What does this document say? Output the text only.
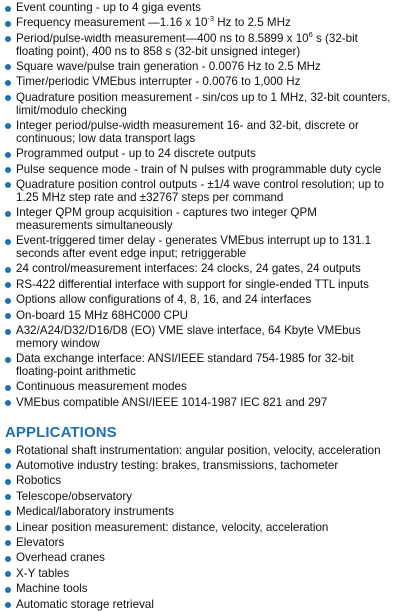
Event counting - up to 4 giga events
Frequency measurement —1.16 x $10^{-3}$ Hz to 2.5 MHz
Period/pulse-width measurement—400 ns to 8.5899 x $10^6$ s (32-bit floating point), 400 ns to 858 s (32-bit unsigned integer)
Square wave/pulse train generation - 0.0076 Hz to 2.5 MHz
Timer/periodic VMEbus interrupter - 0.0076 to 1,000 Hz
Quadrature position measurement - sin/cos up to 1 MHz, 32-bit counters, limit/modulo checking
Integer period/pulse-width measurement 16- and 32-bit, discrete or continuous; low data transport lags
Programmed output - up to 24 discrete outputs
Pulse sequence mode - train of N pulses with programmable duty cycle
Quadrature position control outputs - ±1/4 wave control resolution; up to 1.25 MHz step rate and ±32767 steps per command
Integer QPM group acquisition - captures two integer QPM measurements simultaneously
Event-triggered timer delay - generates VMEbus interrupt up to 131.1 seconds after event edge input; retriggerable
24 control/measurement interfaces: 24 clocks, 24 gates, 24 outputs
RS-422 differential interface with support for single-ended TTL inputs
Options allow configurations of 4, 8, 16, and 24 interfaces
On-board 15 MHz 68HC000 CPU
A32/A24/D32/D16/D8 (EO) VME slave interface, 64 Kbyte VMEbus memory window
Data exchange interface: ANSI/IEEE standard 754-1985 for 32-bit floating-point arithmetic
Continuous measurement modes
VMEbus compatible ANSI/IEEE 1014-1987 IEC 821 and 297
APPLICATIONS
Rotational shaft instrumentation: angular position, velocity, acceleration
Automotive industry testing: brakes, transmissions, tachometer
Robotics
Telescope/observatory
Medical/laboratory instruments
Linear position measurement: distance, velocity, acceleration
Elevators
Overhead cranes
X-Y tables
Machine tools
Automatic storage retrieval
